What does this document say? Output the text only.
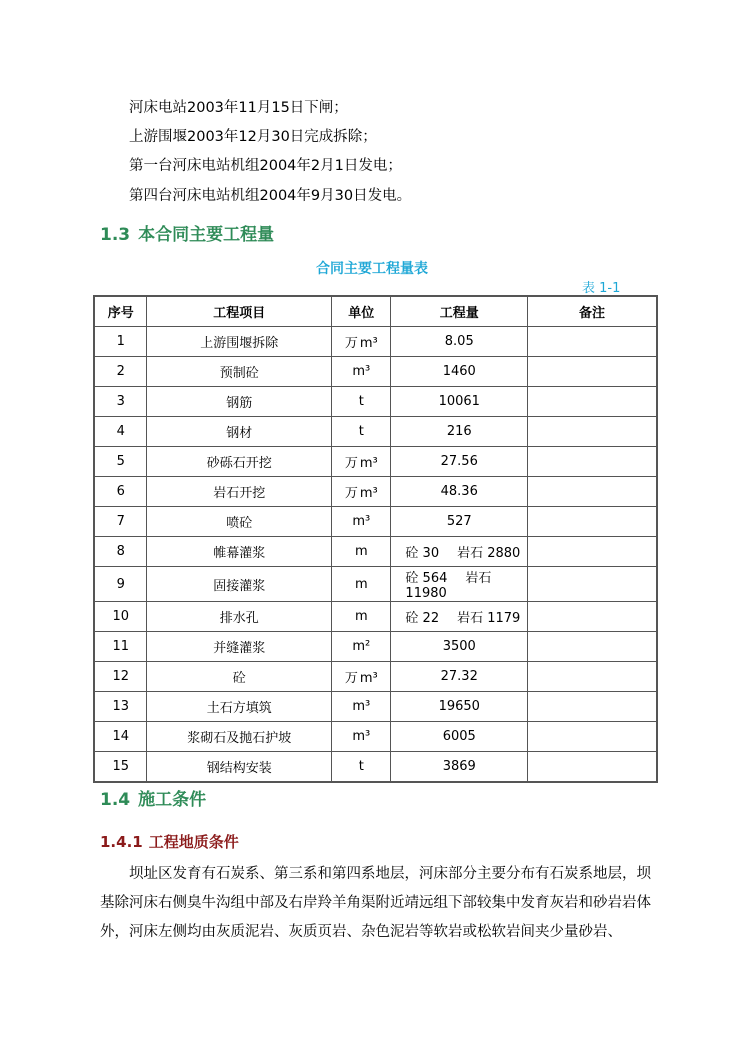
河床电站2003年11月15日下闸；
上游围堰2003年12月30日完成拆除；
第一台河床电站机组2004年2月1日发电；
第四台河床电站机组2004年9月30日发电。
1.3 本合同主要工程量
合同主要工程量表
表 1-1
序号	工程项目	单位	工程量	备注
1	上游围堰拆除	万 m³	8.05	
2	预制砼	m³	1460	
3	钢筋	t	10061	
4	钢材	t	216	
5	砂砾石开挖	万 m³	27.56	
6	岩石开挖	万 m³	48.36	
7	喷砼	m³	527	
8	帷幕灌浆	m	砼 30 岩石 2880	
9	固接灌浆	m	砼 564 岩石 11980	
10	排水孔	m	砼 22 岩石 1179	
11	并缝灌浆	m²	3500	
12	砼	万 m³	27.32	
13	土石方填筑	m³	19650	
14	浆砌石及抛石护坡	m³	6005	
15	钢结构安装	t	3869	
1.4 施工条件
1.4.1 工程地质条件
坝址区发育有石炭系、第三系和第四系地层，河床部分主要分布有石炭系地层，坝基除河床右侧臭牛沟组中部及右岸羚羊角渠附近靖远组下部较集中发育灰岩和砂岩岩体外，河床左侧均由灰质泥岩、灰质页岩、杂色泥岩等软岩或松软岩间夹少量砂岩、
